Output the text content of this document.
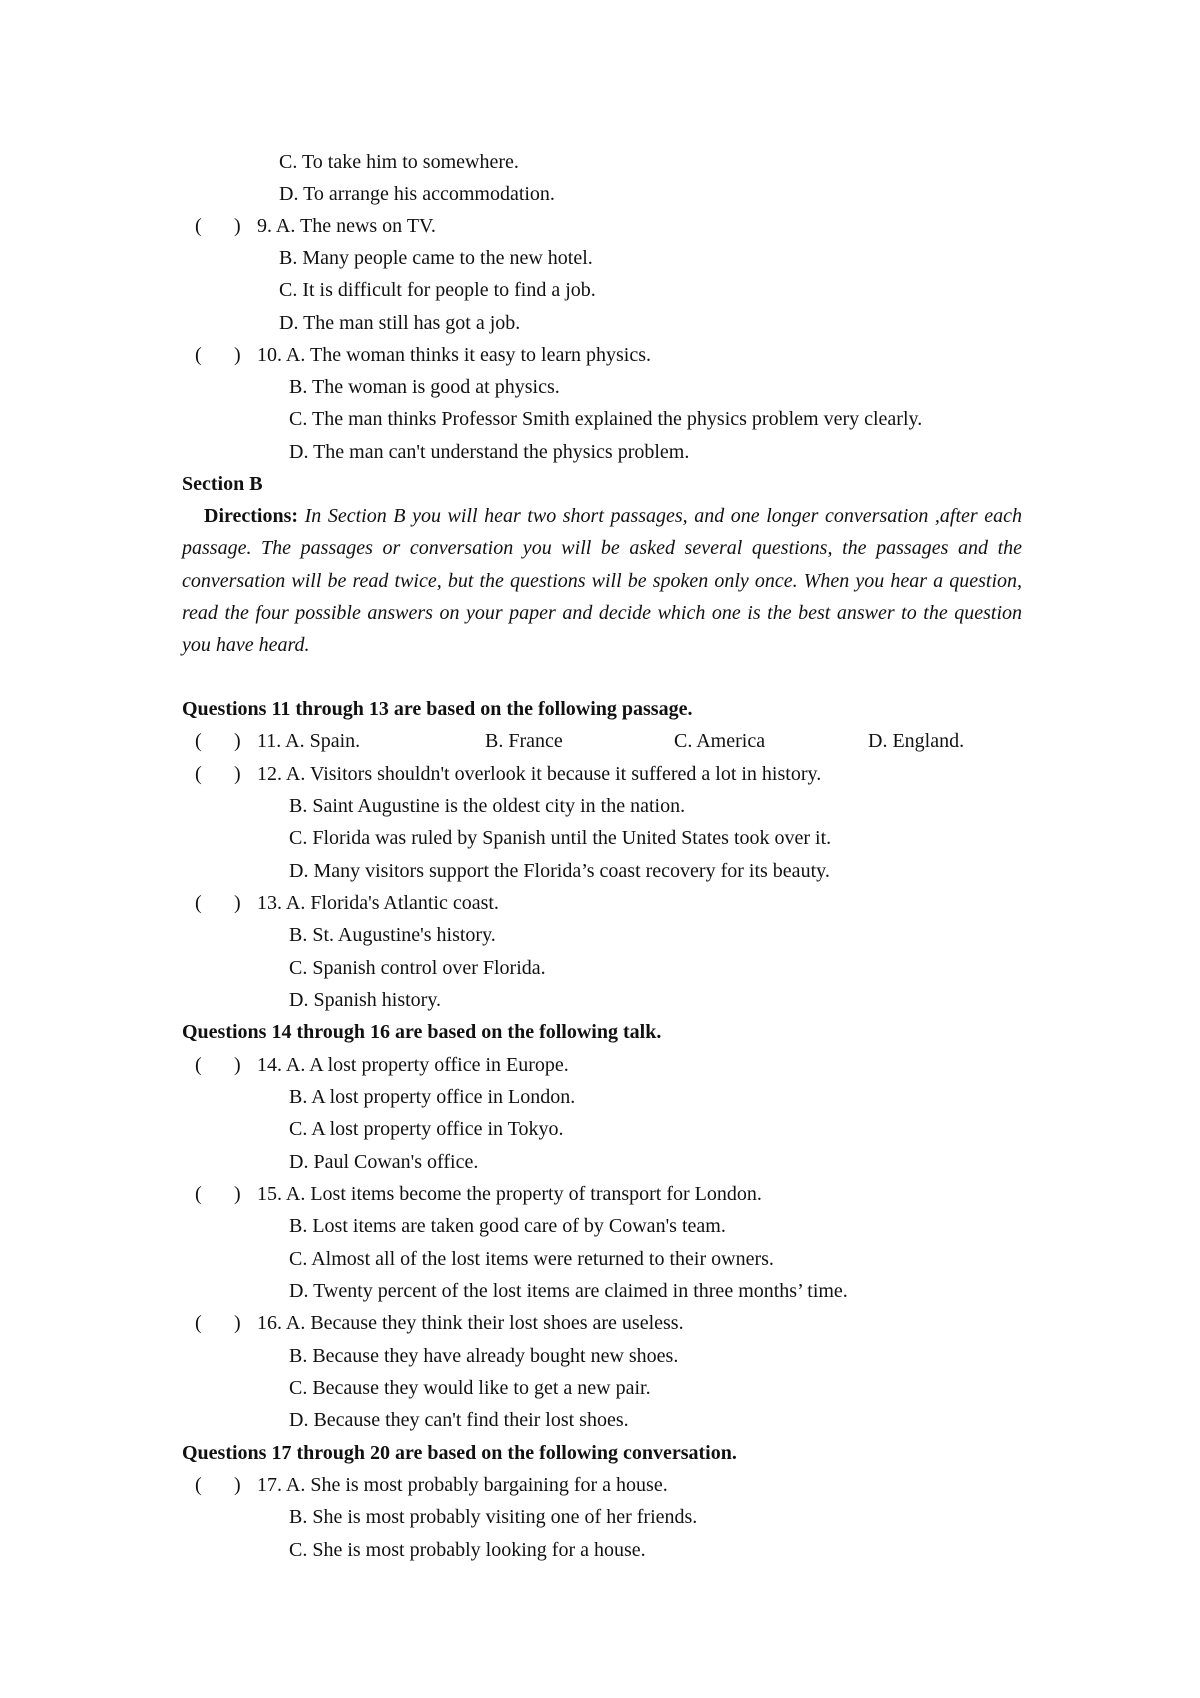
C. To take him to somewhere.
D. To arrange his accommodation.
( ) 9. A. The news on TV.
B. Many people came to the new hotel.
C. It is difficult for people to find a job.
D. The man still has got a job.
( ) 10. A. The woman thinks it easy to learn physics.
B. The woman is good at physics.
C. The man thinks Professor Smith explained the physics problem very clearly.
D. The man can't understand the physics problem.
Section B
Directions: In Section B you will hear two short passages, and one longer conversation ,after each passage. The passages or conversation you will be asked several questions, the passages and the conversation will be read twice, but the questions will be spoken only once. When you hear a question, read the four possible answers on your paper and decide which one is the best answer to the question you have heard.
Questions 11 through 13 are based on the following passage.
( ) 11. A. Spain.	B. France	C. America	D. England.
( ) 12. A. Visitors shouldn't overlook it because it suffered a lot in history.
B. Saint Augustine is the oldest city in the nation.
C. Florida was ruled by Spanish until the United States took over it.
D. Many visitors support the Florida’s coast recovery for its beauty.
( ) 13. A. Florida's Atlantic coast.
B. St. Augustine's history.
C. Spanish control over Florida.
D. Spanish history.
Questions 14 through 16 are based on the following talk.
( ) 14. A. A lost property office in Europe.
B. A lost property office in London.
C. A lost property office in Tokyo.
D. Paul Cowan's office.
( ) 15. A. Lost items become the property of transport for London.
B. Lost items are taken good care of by Cowan's team.
C. Almost all of the lost items were returned to their owners.
D. Twenty percent of the lost items are claimed in three months’ time.
( ) 16. A. Because they think their lost shoes are useless.
B. Because they have already bought new shoes.
C. Because they would like to get a new pair.
D. Because they can't find their lost shoes.
Questions 17 through 20 are based on the following conversation.
( ) 17. A. She is most probably bargaining for a house.
B. She is most probably visiting one of her friends.
C. She is most probably looking for a house.
